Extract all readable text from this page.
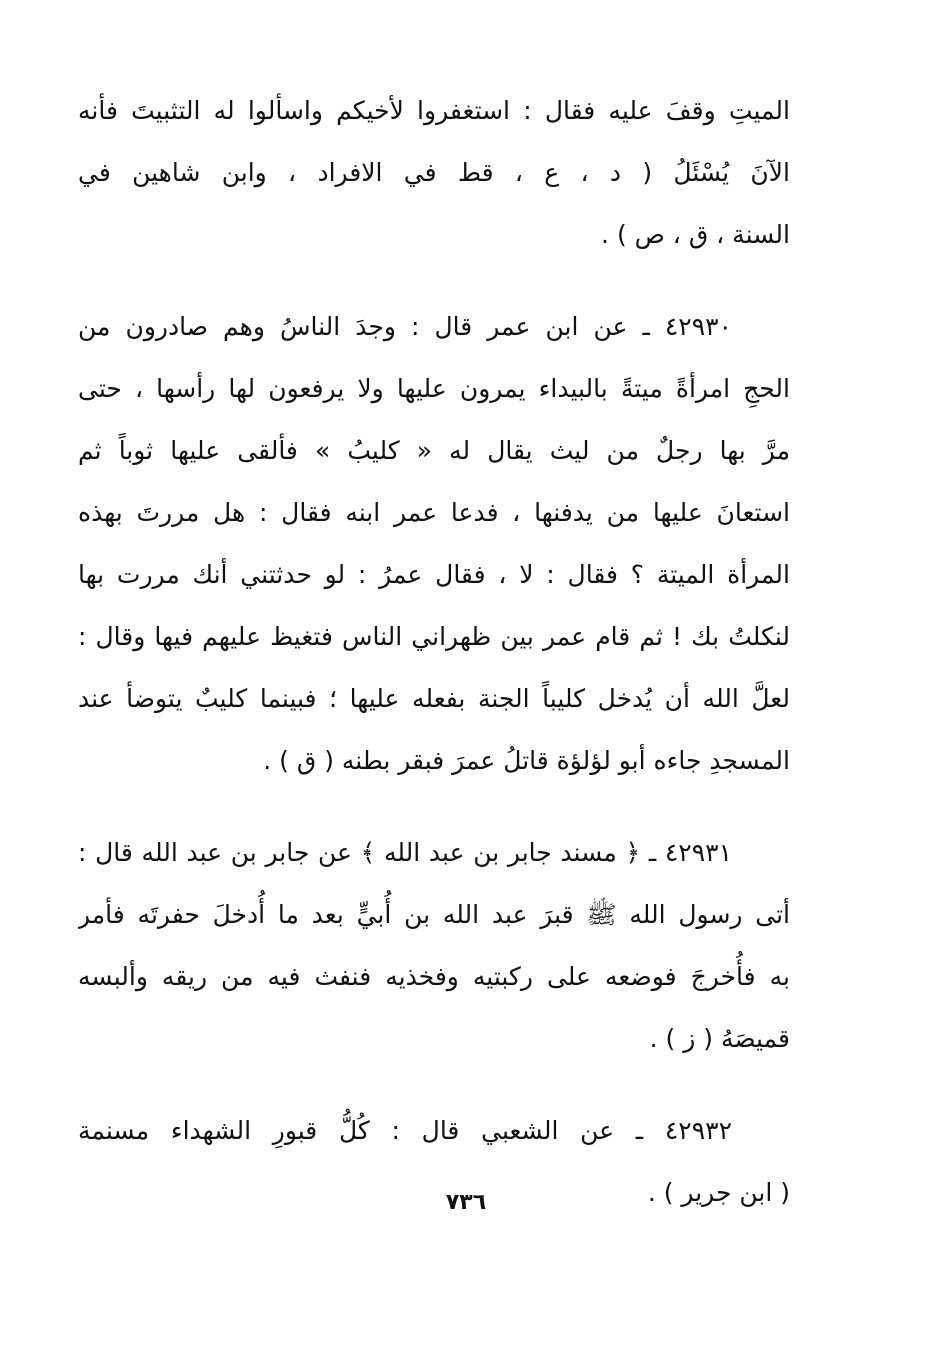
الميتِ وقفَ عليه فقال : استغفروا لأخيكم واسألوا له التثبيتَ فأنه
الآنَ يُسْئَلُ ( د ، ع ، قط في الافراد ، وابن شاهين في
السنة ، ق ، ص ) .
٤٢٩٣٠ ـ عن ابن عمر قال : وجدَ الناسُ وهم صادرون من
الحجِ امرأةً ميتةً بالبيداء يمرون عليها ولا يرفعون لها رأسها ، حتى
مرَّ بها رجلٌ من ليث يقال له « كليبُ » فألقى عليها ثوباً ثم
استعانَ عليها من يدفنها ، فدعا عمر ابنه فقال : هل مررتَ بهذه
المرأة الميتة ؟ فقال : لا ، فقال عمرُ : لو حدثتني أنك مررت بها
لنكلتُ بك ! ثم قام عمر بين ظهراني الناس فتغيظ عليهم فيها وقال :
لعلَّ الله أن يُدخل كليباً الجنة بفعله عليها ؛ فبينما كليبٌ يتوضأ عند
المسجدِ جاءه أبو لؤلؤة قاتلُ عمرَ فبقر بطنه ( ق ) .
٤٢٩٣١ ـ ﴿ مسند جابر بن عبد الله ﴾ عن جابر بن عبد الله قال :
أتى رسول الله ﷺ قبرَ عبد الله بن أُبيٍّ بعد ما أُدخلَ حفرتَه فأمر
به فأُخرجَ فوضعه على ركبتيه وفخذيه فنفث فيه من ريقه وألبسه
قميصَهُ ( ز ) .
٤٢٩٣٢ ـ عن الشعبي قال : كُلُّ قبورِ الشهداء مسنمة
( ابن جرير ) .
٧٣٦
